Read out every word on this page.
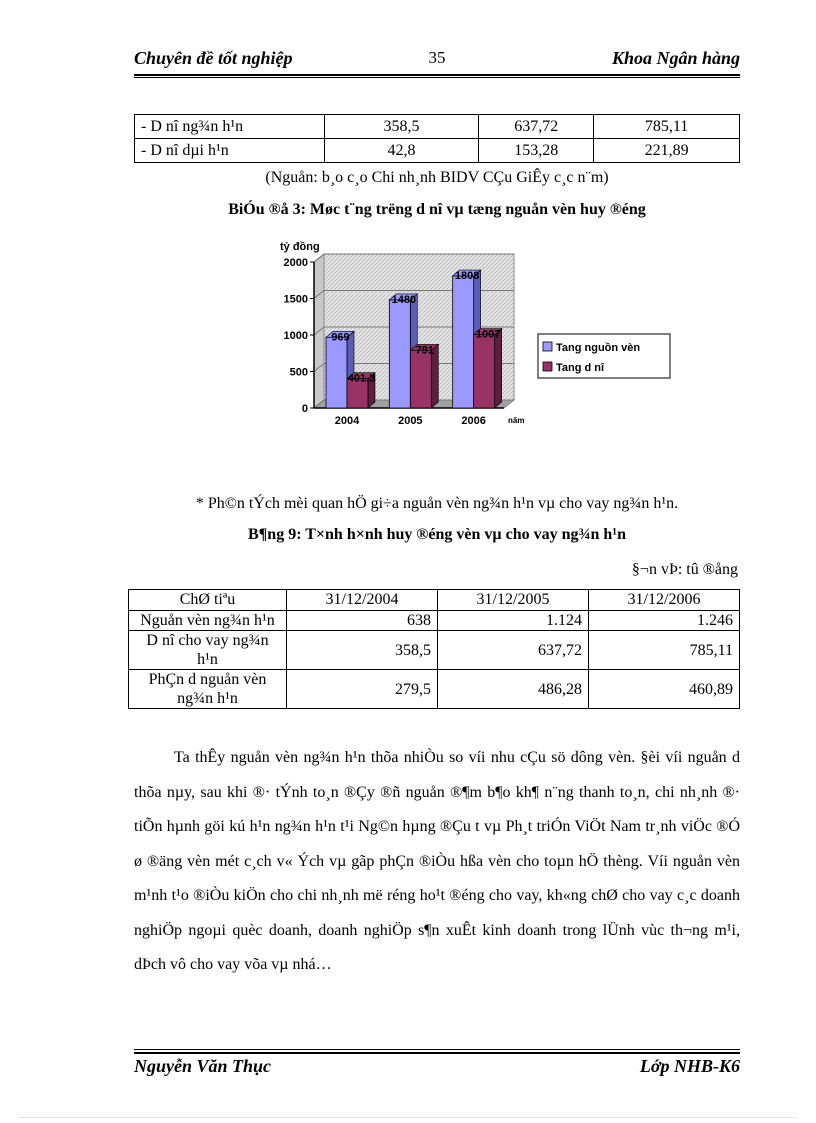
Chuyên đề tốt nghiệp	35	Khoa Ngân hàng
- D nî ng¾n h¹n	358,5	637,72	785,11
- D nî dµi h¹n	42,8	153,28	221,89
(Nguån: b¸o c¸o Chi nh¸nh BIDV CÇu GiÊy c¸c n¨m)
BiÓu ®å 3: Møc t¨ng trëng d nî vµ tæng nguån vèn huy ®éng
0
500
1000
1500
2000
tỷ đồng
969
401.3
2004
1480
791
2005
1808
1007
2006	năm
Tang nguồn vèn
Tang d nî
* Ph©n tÝch mèi quan hÖ gi÷a nguån vèn ng¾n h¹n vµ cho vay ng¾n h¹n.
B¶ng 9: T×nh h×nh huy ®éng vèn vµ cho vay ng¾n h¹n
§¬n vÞ: tû ®ång
ChØ tiªu	31/12/2004	31/12/2005	31/12/2006
Nguån vèn ng¾n h¹n	638	1.124	1.246
D nî cho vay ng¾n h¹n	358,5	637,72	785,11
PhÇn d nguån vèn ng¾n h¹n	279,5	486,28	460,89

Ta thÊy nguån vèn ng¾n h¹n thõa nhiÒu so víi nhu cÇu sö dông vèn. §èi víi nguån d thõa nµy, sau khi ®· tÝnh to¸n ®Çy ®ñ nguån ®¶m b¶o kh¶ n¨ng thanh to¸n, chi nh¸nh ®· tiÕn hµnh göi kú h¹n ng¾n h¹n t¹i Ng©n hµng ®Çu t vµ Ph¸t triÓn ViÖt Nam tr¸nh viÖc ®Ó ø ®äng vèn mét c¸ch v« Ých vµ gãp phÇn ®iÒu hßa vèn cho toµn hÖ thèng. Víi nguån vèn m¹nh t¹o ®iÒu kiÖn cho chi nh¸nh më réng ho¹t ®éng cho vay, kh«ng chØ cho vay c¸c doanh nghiÖp ngoµi quèc doanh, doanh nghiÖp s¶n xuÊt kinh doanh trong lÜnh vùc th¬ng m¹i, dÞch vô cho vay võa vµ nhá…

Nguyễn Văn Thục	Lớp NHB-K6
